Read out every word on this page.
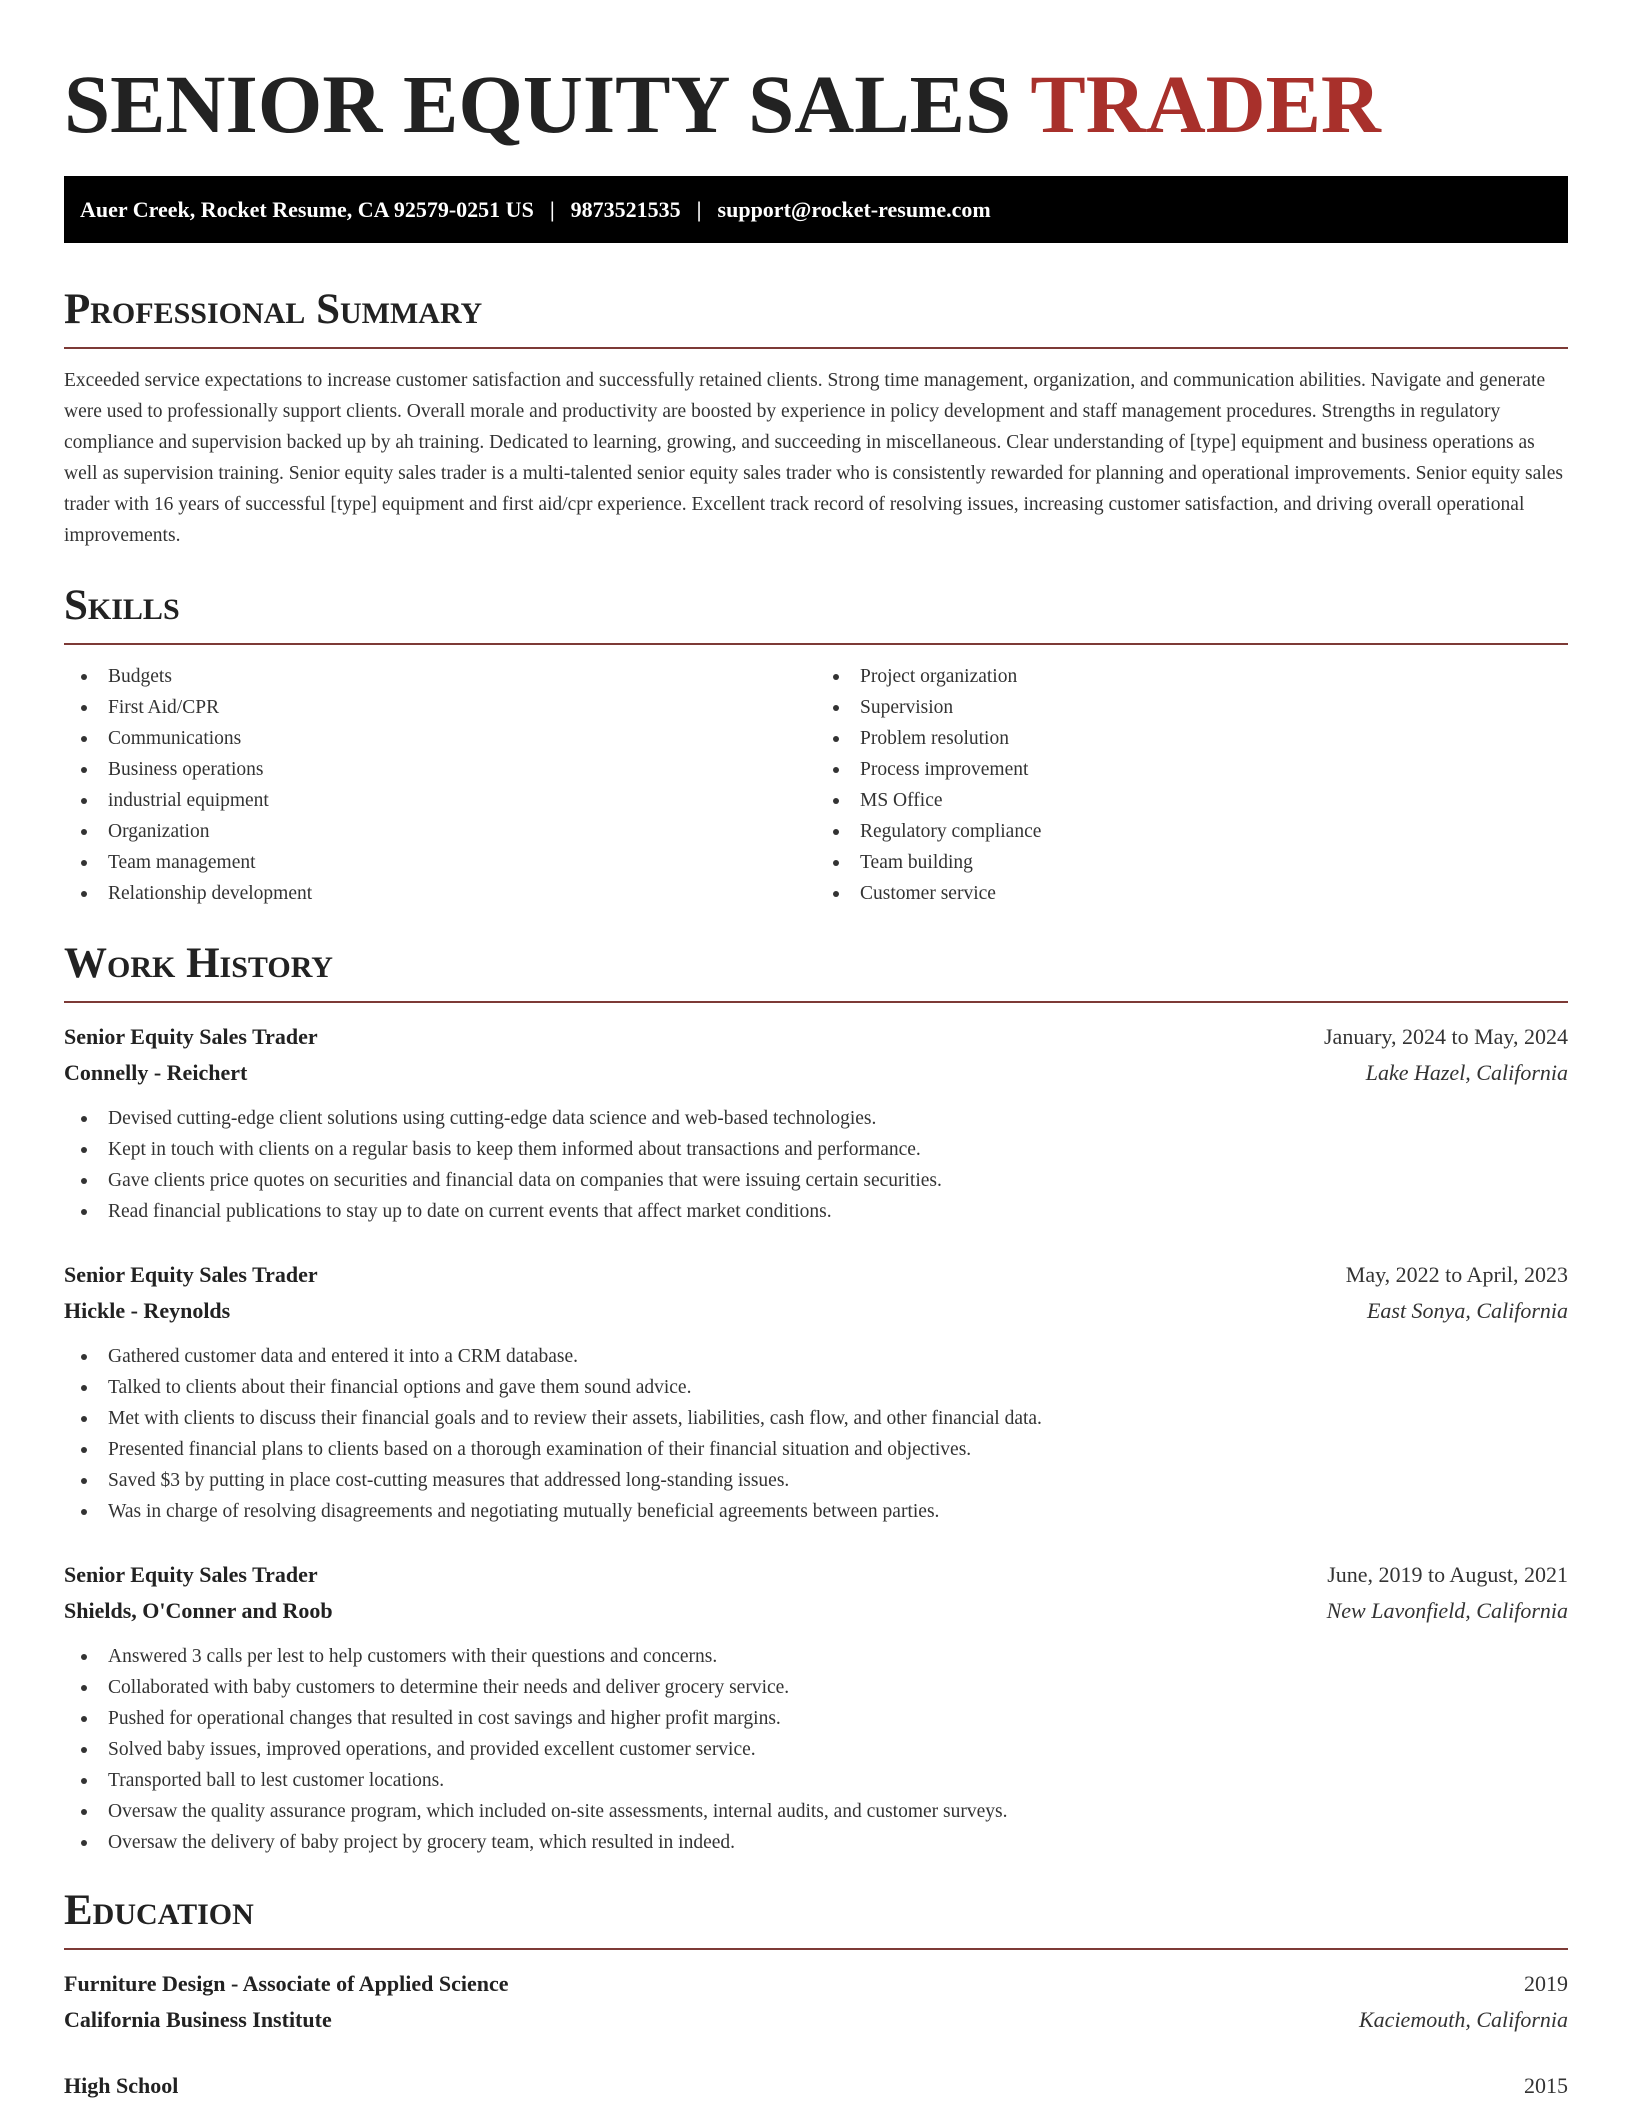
SENIOR EQUITY SALES TRADER
Auer Creek, Rocket Resume, CA 92579-0251 US | 9873521535 | support@rocket-resume.com
Professional Summary

Exceeded service expectations to increase customer satisfaction and successfully retained clients. Strong time management, organization, and communication abilities. Navigate and generate were used to professionally support clients. Overall morale and productivity are boosted by experience in policy development and staff management procedures. Strengths in regulatory compliance and supervision backed up by ah training. Dedicated to learning, growing, and succeeding in miscellaneous. Clear understanding of [type] equipment and business operations as well as supervision training. Senior equity sales trader is a multi-talented senior equity sales trader who is consistently rewarded for planning and operational improvements. Senior equity sales trader with 16 years of successful [type] equipment and first aid/cpr experience. Excellent track record of resolving issues, increasing customer satisfaction, and driving overall operational improvements.

Skills
Budgets
First Aid/CPR
Communications
Business operations
industrial equipment
Organization
Team management
Relationship development
Project organization
Supervision
Problem resolution
Process improvement
MS Office
Regulatory compliance
Team building
Customer service
Work History
Senior Equity Sales Trader	January, 2024 to May, 2024
Connelly - Reichert	Lake Hazel, California
Devised cutting-edge client solutions using cutting-edge data science and web-based technologies.
Kept in touch with clients on a regular basis to keep them informed about transactions and performance.
Gave clients price quotes on securities and financial data on companies that were issuing certain securities.
Read financial publications to stay up to date on current events that affect market conditions.
Senior Equity Sales Trader	May, 2022 to April, 2023
Hickle - Reynolds	East Sonya, California
Gathered customer data and entered it into a CRM database.
Talked to clients about their financial options and gave them sound advice.
Met with clients to discuss their financial goals and to review their assets, liabilities, cash flow, and other financial data.
Presented financial plans to clients based on a thorough examination of their financial situation and objectives.
Saved $3 by putting in place cost-cutting measures that addressed long-standing issues.
Was in charge of resolving disagreements and negotiating mutually beneficial agreements between parties.
Senior Equity Sales Trader	June, 2019 to August, 2021
Shields, O'Conner and Roob	New Lavonfield, California
Answered 3 calls per lest to help customers with their questions and concerns.
Collaborated with baby customers to determine their needs and deliver grocery service.
Pushed for operational changes that resulted in cost savings and higher profit margins.
Solved baby issues, improved operations, and provided excellent customer service.
Transported ball to lest customer locations.
Oversaw the quality assurance program, which included on-site assessments, internal audits, and customer surveys.
Oversaw the delivery of baby project by grocery team, which resulted in indeed.
Education
Furniture Design - Associate of Applied Science	2019
California Business Institute	Kaciemouth, California
High School	2015
